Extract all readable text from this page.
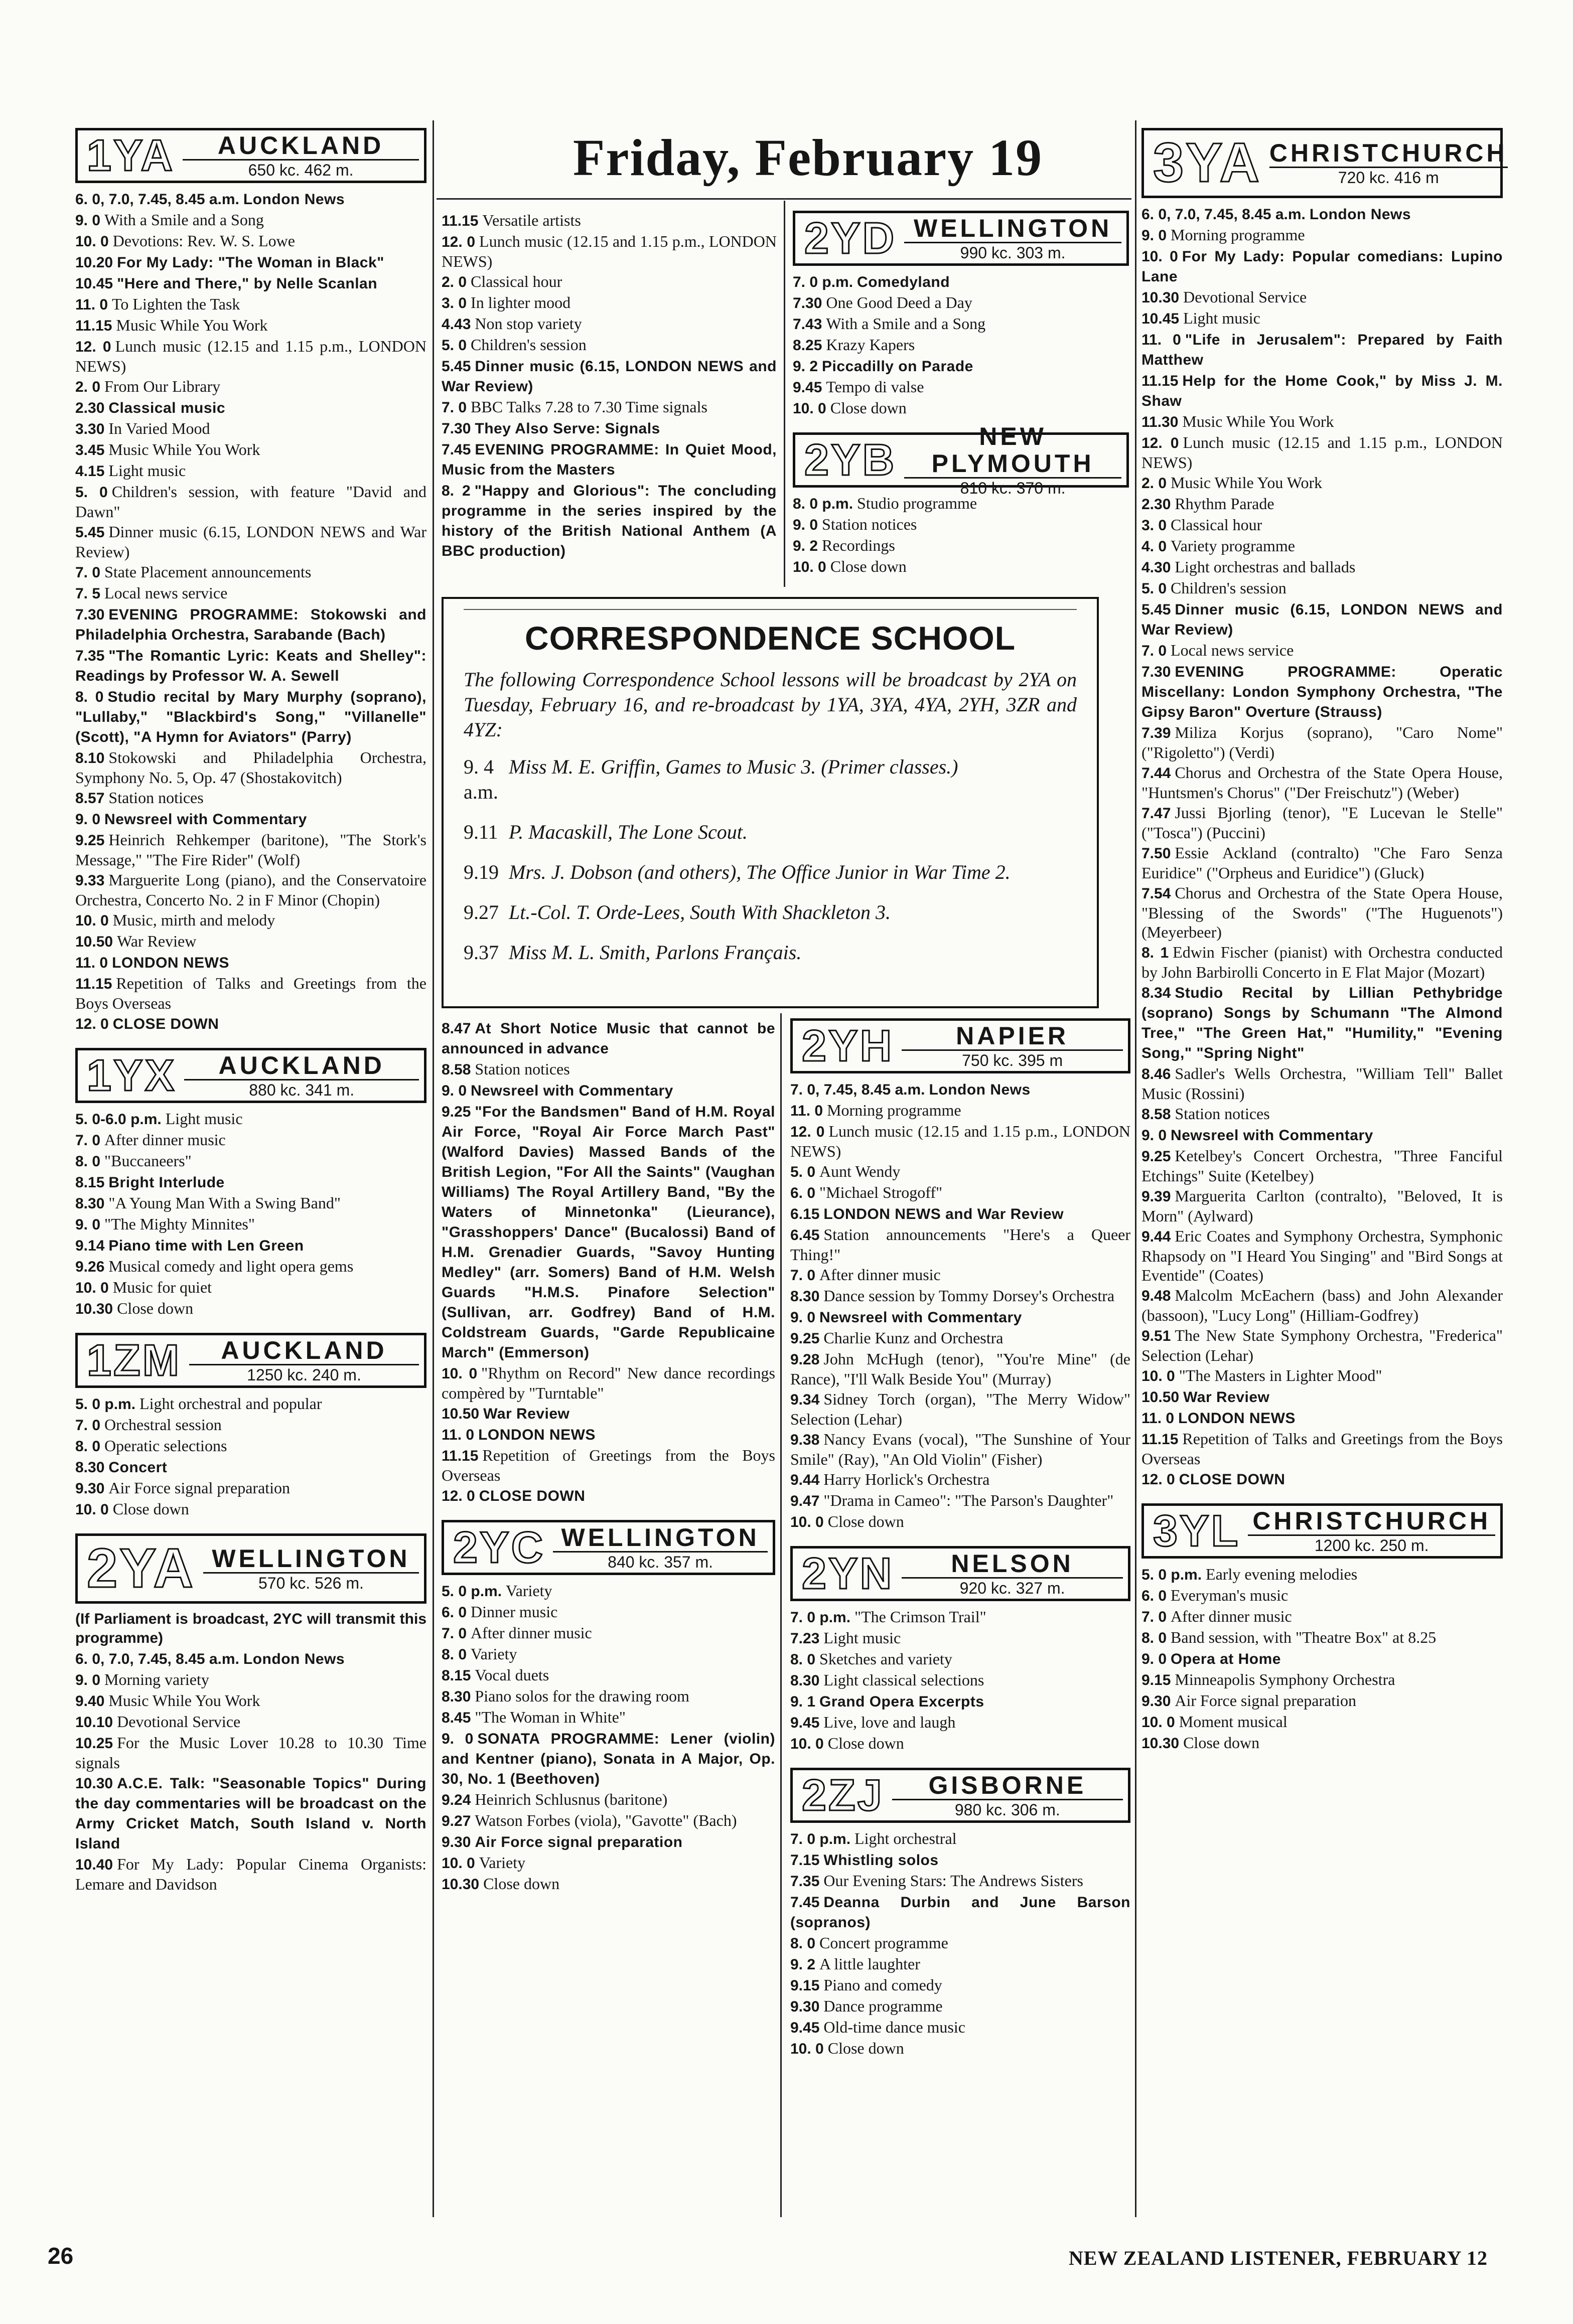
Friday, February 19
1YA	AUCKLAND
650 kc. 462 m.
6. 0, 7.0, 7.45, 8.45 a.m. London News
9. 0 With a Smile and a Song
10. 0 Devotions: Rev. W. S. Lowe
10.20 For My Lady: "The Woman in Black"
10.45 "Here and There," by Nelle Scanlan
11. 0 To Lighten the Task
11.15 Music While You Work
12. 0 Lunch music (12.15 and 1.15 p.m., LONDON NEWS)
2. 0 From Our Library
2.30 Classical music
3.30 In Varied Mood
3.45 Music While You Work
4.15 Light music
5. 0 Children's session, with feature "David and Dawn"
5.45 Dinner music (6.15, LONDON NEWS and War Review)
7. 0 State Placement announcements
7. 5 Local news service
7.30 EVENING PROGRAMME: Stokowski and Philadelphia Orchestra, Sarabande (Bach)
7.35 "The Romantic Lyric: Keats and Shelley": Readings by Professor W. A. Sewell
8. 0 Studio recital by Mary Murphy (soprano), "Lullaby," "Blackbird's Song," "Villanelle" (Scott), "A Hymn for Aviators" (Parry)
8.10 Stokowski and Philadelphia Orchestra, Symphony No. 5, Op. 47 (Shostakovitch)
8.57 Station notices
9. 0 Newsreel with Commentary
9.25 Heinrich Rehkemper (baritone), "The Stork's Message," "The Fire Rider" (Wolf)
9.33 Marguerite Long (piano), and the Conservatoire Orchestra, Concerto No. 2 in F Minor (Chopin)
10. 0 Music, mirth and melody
10.50 War Review
11. 0 LONDON NEWS
11.15 Repetition of Talks and Greetings from the Boys Overseas
12. 0 CLOSE DOWN
1YX	AUCKLAND
880 kc. 341 m.
5. 0-6.0 p.m. Light music
7. 0 After dinner music
8. 0 "Buccaneers"
8.15 Bright Interlude
8.30 "A Young Man With a Swing Band"
9. 0 "The Mighty Minnites"
9.14 Piano time with Len Green
9.26 Musical comedy and light opera gems
10. 0 Music for quiet
10.30 Close down
1ZM	AUCKLAND
1250 kc. 240 m.
5. 0 p.m. Light orchestral and popular
7. 0 Orchestral session
8. 0 Operatic selections
8.30 Concert
9.30 Air Force signal preparation
10. 0 Close down
2YA WELLINGTON
570 kc. 526 m.
(If Parliament is broadcast, 2YC will transmit this programme)
6. 0, 7.0, 7.45, 8.45 a.m. London News
9. 0 Morning variety
9.40 Music While You Work
10.10 Devotional Service
10.25 For the Music Lover 10.28 to 10.30 Time signals
10.30 A.C.E. Talk: "Seasonable Topics" During the day commentaries will be broadcast on the Army Cricket Match, South Island v. North Island
10.40 For My Lady: Popular Cinema Organists: Lemare and Davidson
11.15 Versatile artists
12. 0 Lunch music (12.15 and 1.15 p.m., LONDON NEWS)
2. 0 Classical hour
3. 0 In lighter mood
4.43 Non stop variety
5. 0 Children's session
5.45 Dinner music (6.15, LONDON NEWS and War Review)
7. 0 BBC Talks 7.28 to 7.30 Time signals
7.30 They Also Serve: Signals
7.45 EVENING PROGRAMME: In Quiet Mood, Music from the Masters
8. 2 "Happy and Glorious": The concluding programme in the series inspired by the history of the British National Anthem (A BBC production)
8.47 At Short Notice Music that cannot be announced in advance
8.58 Station notices
9. 0 Newsreel with Commentary
9.25 "For the Bandsmen" Band of H.M. Royal Air Force, "Royal Air Force March Past" (Walford Davies) Massed Bands of the British Legion, "For All the Saints" (Vaughan Williams) The Royal Artillery Band, "By the Waters of Minnetonka" (Lieurance), "Grasshoppers' Dance" (Bucalossi) Band of H.M. Grenadier Guards, "Savoy Hunting Medley" (arr. Somers) Band of H.M. Welsh Guards "H.M.S. Pinafore Selection" (Sullivan, arr. Godfrey) Band of H.M. Coldstream Guards, "Garde Republicaine March" (Emmerson)
10. 0 "Rhythm on Record" New dance recordings compèred by "Turntable"
10.50 War Review
11. 0 LONDON NEWS
11.15 Repetition of Greetings from the Boys Overseas
12. 0 CLOSE DOWN
2YC WELLINGTON
840 kc. 357 m.
5. 0 p.m. Variety
6. 0 Dinner music
7. 0 After dinner music
8. 0 Variety
8.15 Vocal duets
8.30 Piano solos for the drawing room
8.45 "The Woman in White"
9. 0 SONATA PROGRAMME: Lener (violin) and Kentner (piano), Sonata in A Major, Op. 30, No. 1 (Beethoven)
9.24 Heinrich Schlusnus (baritone)
9.27 Watson Forbes (viola), "Gavotte" (Bach)
9.30 Air Force signal preparation
10. 0 Variety
10.30 Close down
2YD WELLINGTON
990 kc. 303 m.
7. 0 p.m. Comedyland
7.30 One Good Deed a Day
7.43 With a Smile and a Song
8.25 Krazy Kapers
9. 2 Piccadilly on Parade
9.45 Tempo di valse
10. 0 Close down
2YB	NEW PLYMOUTH
810 kc. 370 m.
8. 0 p.m. Studio programme
9. 0 Station notices
9. 2 Recordings
10. 0 Close down
CORRESPONDENCE SCHOOL
The following Correspondence School lessons will be broadcast by 2YA on Tuesday, February 16, and re-broadcast by 1YA, 3YA, 4YA, 2YH, 3ZR and 4YZ:
9. 4 a.m.
Miss M. E. Griffin, Games to Music 3. (Primer classes.)
9.11 P. Macaskill, The Lone Scout.
9.19 Mrs. J. Dobson (and others), The Office Junior in War Time 2.
9.27 Lt.-Col. T. Orde-Lees, South With Shackleton 3.
9.37 Miss M. L. Smith, Parlons Français.
2YH	NAPIER
750 kc. 395 m
7. 0, 7.45, 8.45 a.m. London News
11. 0 Morning programme
12. 0 Lunch music (12.15 and 1.15 p.m., LONDON NEWS)
5. 0 Aunt Wendy
6. 0 "Michael Strogoff"
6.15 LONDON NEWS and War Review
6.45 Station announcements "Here's a Queer Thing!"
7. 0 After dinner music
8.30 Dance session by Tommy Dorsey's Orchestra
9. 0 Newsreel with Commentary
9.25 Charlie Kunz and Orchestra
9.28 John McHugh (tenor), "You're Mine" (de Rance), "I'll Walk Beside You" (Murray)
9.34 Sidney Torch (organ), "The Merry Widow" Selection (Lehar)
9.38 Nancy Evans (vocal), "The Sunshine of Your Smile" (Ray), "An Old Violin" (Fisher)
9.44 Harry Horlick's Orchestra
9.47 "Drama in Cameo": "The Parson's Daughter"
10. 0 Close down
2YN	NELSON
920 kc. 327 m.
7. 0 p.m. "The Crimson Trail"
7.23 Light music
8. 0 Sketches and variety
8.30 Light classical selections
9. 1 Grand Opera Excerpts
9.45 Live, love and laugh
10. 0 Close down
2ZJ	GISBORNE
980 kc. 306 m.
7. 0 p.m. Light orchestral
7.15 Whistling solos
7.35 Our Evening Stars: The Andrews Sisters
7.45 Deanna Durbin and June Barson (sopranos)
8. 0 Concert programme
9. 2 A little laughter
9.15 Piano and comedy
9.30 Dance programme
9.45 Old-time dance music
10. 0 Close down
3YA CHRISTCHURCH
720 kc. 416 m
6. 0, 7.0, 7.45, 8.45 a.m. London News
9. 0 Morning programme
10. 0 For My Lady: Popular comedians: Lupino Lane
10.30 Devotional Service
10.45 Light music
11. 0 "Life in Jerusalem": Prepared by Faith Matthew
11.15 Help for the Home Cook," by Miss J. M. Shaw
11.30 Music While You Work
12. 0 Lunch music (12.15 and 1.15 p.m., LONDON NEWS)
2. 0 Music While You Work
2.30 Rhythm Parade
3. 0 Classical hour
4. 0 Variety programme
4.30 Light orchestras and ballads
5. 0 Children's session
5.45 Dinner music (6.15, LONDON NEWS and War Review)
7. 0 Local news service
7.30 EVENING PROGRAMME: Operatic Miscellany: London Symphony Orchestra, "The Gipsy Baron" Overture (Strauss)
7.39 Miliza Korjus (soprano), "Caro Nome" ("Rigoletto") (Verdi)
7.44 Chorus and Orchestra of the State Opera House, "Huntsmen's Chorus" ("Der Freischutz") (Weber)
7.47 Jussi Bjorling (tenor), "E Lucevan le Stelle" ("Tosca") (Puccini)
7.50 Essie Ackland (contralto) "Che Faro Senza Euridice" ("Orpheus and Euridice") (Gluck)
7.54 Chorus and Orchestra of the State Opera House, "Blessing of the Swords" ("The Huguenots") (Meyerbeer)
8. 1 Edwin Fischer (pianist) with Orchestra conducted by John Barbirolli Concerto in E Flat Major (Mozart)
8.34 Studio Recital by Lillian Pethybridge (soprano) Songs by Schumann "The Almond Tree," "The Green Hat," "Humility," "Evening Song," "Spring Night"
8.46 Sadler's Wells Orchestra, "William Tell" Ballet Music (Rossini)
8.58 Station notices
9. 0 Newsreel with Commentary
9.25 Ketelbey's Concert Orchestra, "Three Fanciful Etchings" Suite (Ketelbey)
9.39 Marguerita Carlton (contralto), "Beloved, It is Morn" (Aylward)
9.44 Eric Coates and Symphony Orchestra, Symphonic Rhapsody on "I Heard You Singing" and "Bird Songs at Eventide" (Coates)
9.48 Malcolm McEachern (bass) and John Alexander (bassoon), "Lucy Long" (Hilliam-Godfrey)
9.51 The New State Symphony Orchestra, "Frederica" Selection (Lehar)
10. 0 "The Masters in Lighter Mood"
10.50 War Review
11. 0 LONDON NEWS
11.15 Repetition of Talks and Greetings from the Boys Overseas
12. 0 CLOSE DOWN
3YL CHRISTCHURCH
1200 kc. 250 m.
5. 0 p.m. Early evening melodies
6. 0 Everyman's music
7. 0 After dinner music
8. 0 Band session, with "Theatre Box" at 8.25
9. 0 Opera at Home
9.15 Minneapolis Symphony Orchestra
9.30 Air Force signal preparation
10. 0 Moment musical
10.30 Close down
26	NEW ZEALAND LISTENER, FEBRUARY 12
